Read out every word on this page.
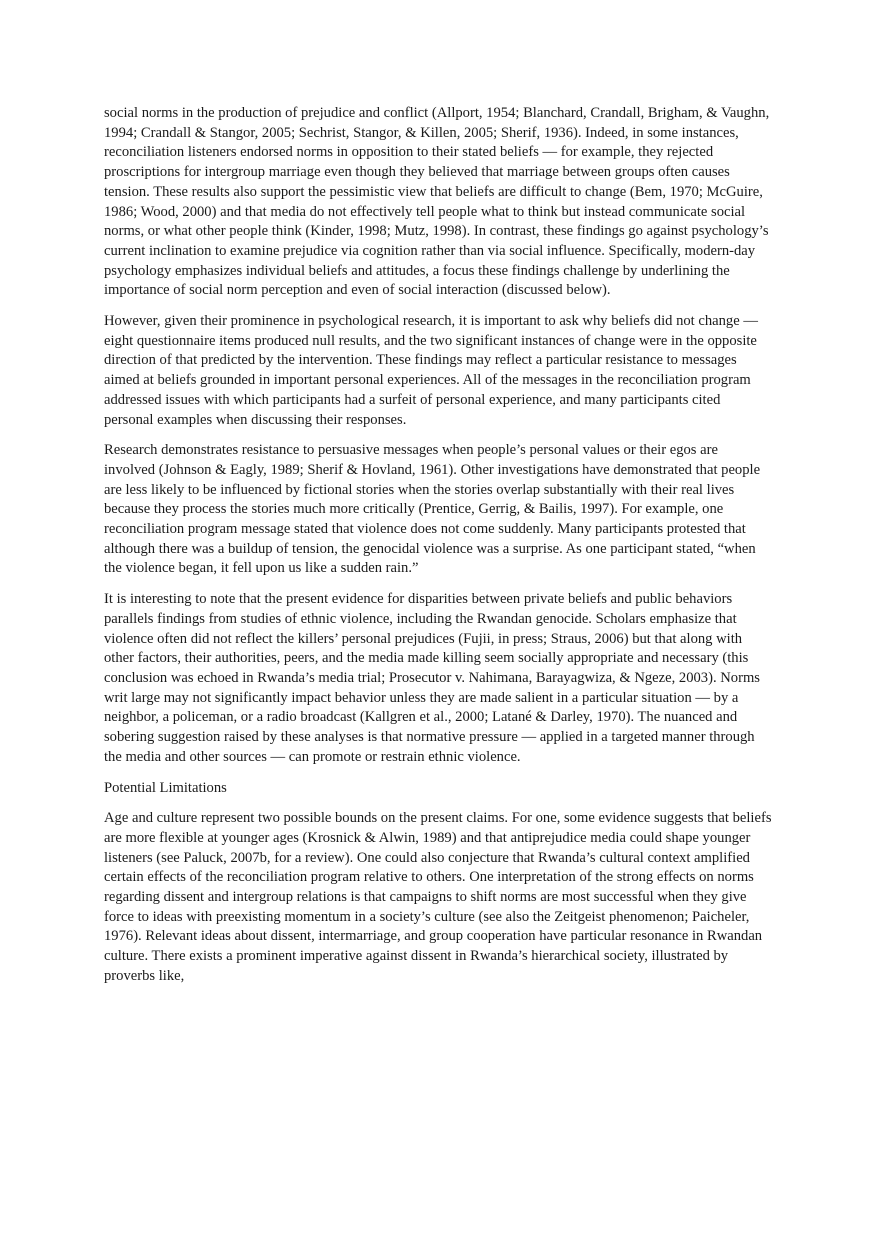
social norms in the production of prejudice and conflict (Allport, 1954; Blanchard, Crandall, Brigham, & Vaughn, 1994; Crandall & Stangor, 2005; Sechrist, Stangor, & Killen, 2005; Sherif, 1936). Indeed, in some instances, reconciliation listeners endorsed norms in opposition to their stated beliefs — for example, they rejected proscriptions for intergroup marriage even though they believed that marriage between groups often causes tension. These results also support the pessimistic view that beliefs are difficult to change (Bem, 1970; McGuire, 1986; Wood, 2000) and that media do not effectively tell people what to think but instead communicate social norms, or what other people think (Kinder, 1998; Mutz, 1998). In contrast, these findings go against psychology’s current inclination to examine prejudice via cognition rather than via social influence. Specifically, modern-day psychology emphasizes individual beliefs and attitudes, a focus these findings challenge by underlining the importance of social norm perception and even of social interaction (discussed below).

However, given their prominence in psychological research, it is important to ask why beliefs did not change — eight questionnaire items produced null results, and the two significant instances of change were in the opposite direction of that predicted by the intervention. These findings may reflect a particular resistance to messages aimed at beliefs grounded in important personal experiences. All of the messages in the reconciliation program addressed issues with which participants had a surfeit of personal experience, and many participants cited personal examples when discussing their responses.

Research demonstrates resistance to persuasive messages when people’s personal values or their egos are involved (Johnson & Eagly, 1989; Sherif & Hovland, 1961). Other investigations have demonstrated that people are less likely to be influenced by fictional stories when the stories overlap substantially with their real lives because they process the stories much more critically (Prentice, Gerrig, & Bailis, 1997). For example, one reconciliation program message stated that violence does not come suddenly. Many participants protested that although there was a buildup of tension, the genocidal violence was a surprise. As one participant stated, “when the violence began, it fell upon us like a sudden rain.”

It is interesting to note that the present evidence for disparities between private beliefs and public behaviors parallels findings from studies of ethnic violence, including the Rwandan genocide. Scholars emphasize that violence often did not reflect the killers’ personal prejudices (Fujii, in press; Straus, 2006) but that along with other factors, their authorities, peers, and the media made killing seem socially appropriate and necessary (this conclusion was echoed in Rwanda’s media trial; Prosecutor v. Nahimana, Barayagwiza, & Ngeze, 2003). Norms writ large may not significantly impact behavior unless they are made salient in a particular situation — by a neighbor, a policeman, or a radio broadcast (Kallgren et al., 2000; Latané & Darley, 1970). The nuanced and sobering suggestion raised by these analyses is that normative pressure — applied in a targeted manner through the media and other sources — can promote or restrain ethnic violence.

Potential Limitations

Age and culture represent two possible bounds on the present claims. For one, some evidence suggests that beliefs are more flexible at younger ages (Krosnick & Alwin, 1989) and that antiprejudice media could shape younger listeners (see Paluck, 2007b, for a review). One could also conjecture that Rwanda’s cultural context amplified certain effects of the reconciliation program relative to others. One interpretation of the strong effects on norms regarding dissent and intergroup relations is that campaigns to shift norms are most successful when they give force to ideas with preexisting momentum in a society’s culture (see also the Zeitgeist phenomenon; Paicheler, 1976). Relevant ideas about dissent, intermarriage, and group cooperation have particular resonance in Rwandan culture. There exists a prominent imperative against dissent in Rwanda’s hierarchical society, illustrated by proverbs like,
